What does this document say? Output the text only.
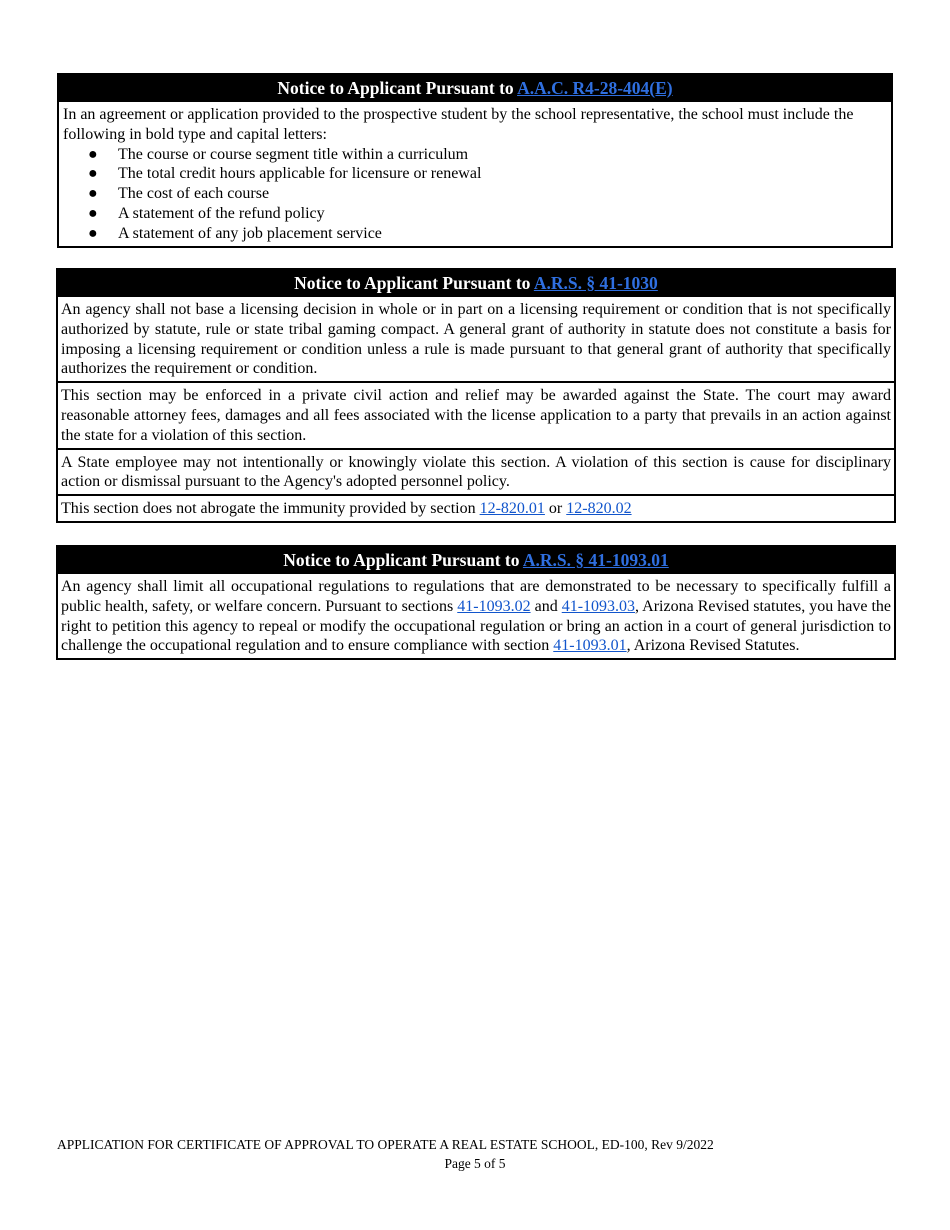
Notice to Applicant Pursuant to A.A.C. R4-28-404(E)
In an agreement or application provided to the prospective student by the school representative, the school must include the following in bold type and capital letters:
● The course or course segment title within a curriculum
● The total credit hours applicable for licensure or renewal
● The cost of each course
● A statement of the refund policy
● A statement of any job placement service
Notice to Applicant Pursuant to A.R.S. § 41-1030
An agency shall not base a licensing decision in whole or in part on a licensing requirement or condition that is not specifically authorized by statute, rule or state tribal gaming compact. A general grant of authority in statute does not constitute a basis for imposing a licensing requirement or condition unless a rule is made pursuant to that general grant of authority that specifically authorizes the requirement or condition.
This section may be enforced in a private civil action and relief may be awarded against the State. The court may award reasonable attorney fees, damages and all fees associated with the license application to a party that prevails in an action against the state for a violation of this section.
A State employee may not intentionally or knowingly violate this section. A violation of this section is cause for disciplinary action or dismissal pursuant to the Agency's adopted personnel policy.
This section does not abrogate the immunity provided by section 12-820.01 or 12-820.02
Notice to Applicant Pursuant to A.R.S. § 41-1093.01
An agency shall limit all occupational regulations to regulations that are demonstrated to be necessary to specifically fulfill a public health, safety, or welfare concern. Pursuant to sections 41-1093.02 and 41-1093.03, Arizona Revised statutes, you have the right to petition this agency to repeal or modify the occupational regulation or bring an action in a court of general jurisdiction to challenge the occupational regulation and to ensure compliance with section 41-1093.01, Arizona Revised Statutes.
APPLICATION FOR CERTIFICATE OF APPROVAL TO OPERATE A REAL ESTATE SCHOOL, ED-100, Rev 9/2022
Page 5 of 5
